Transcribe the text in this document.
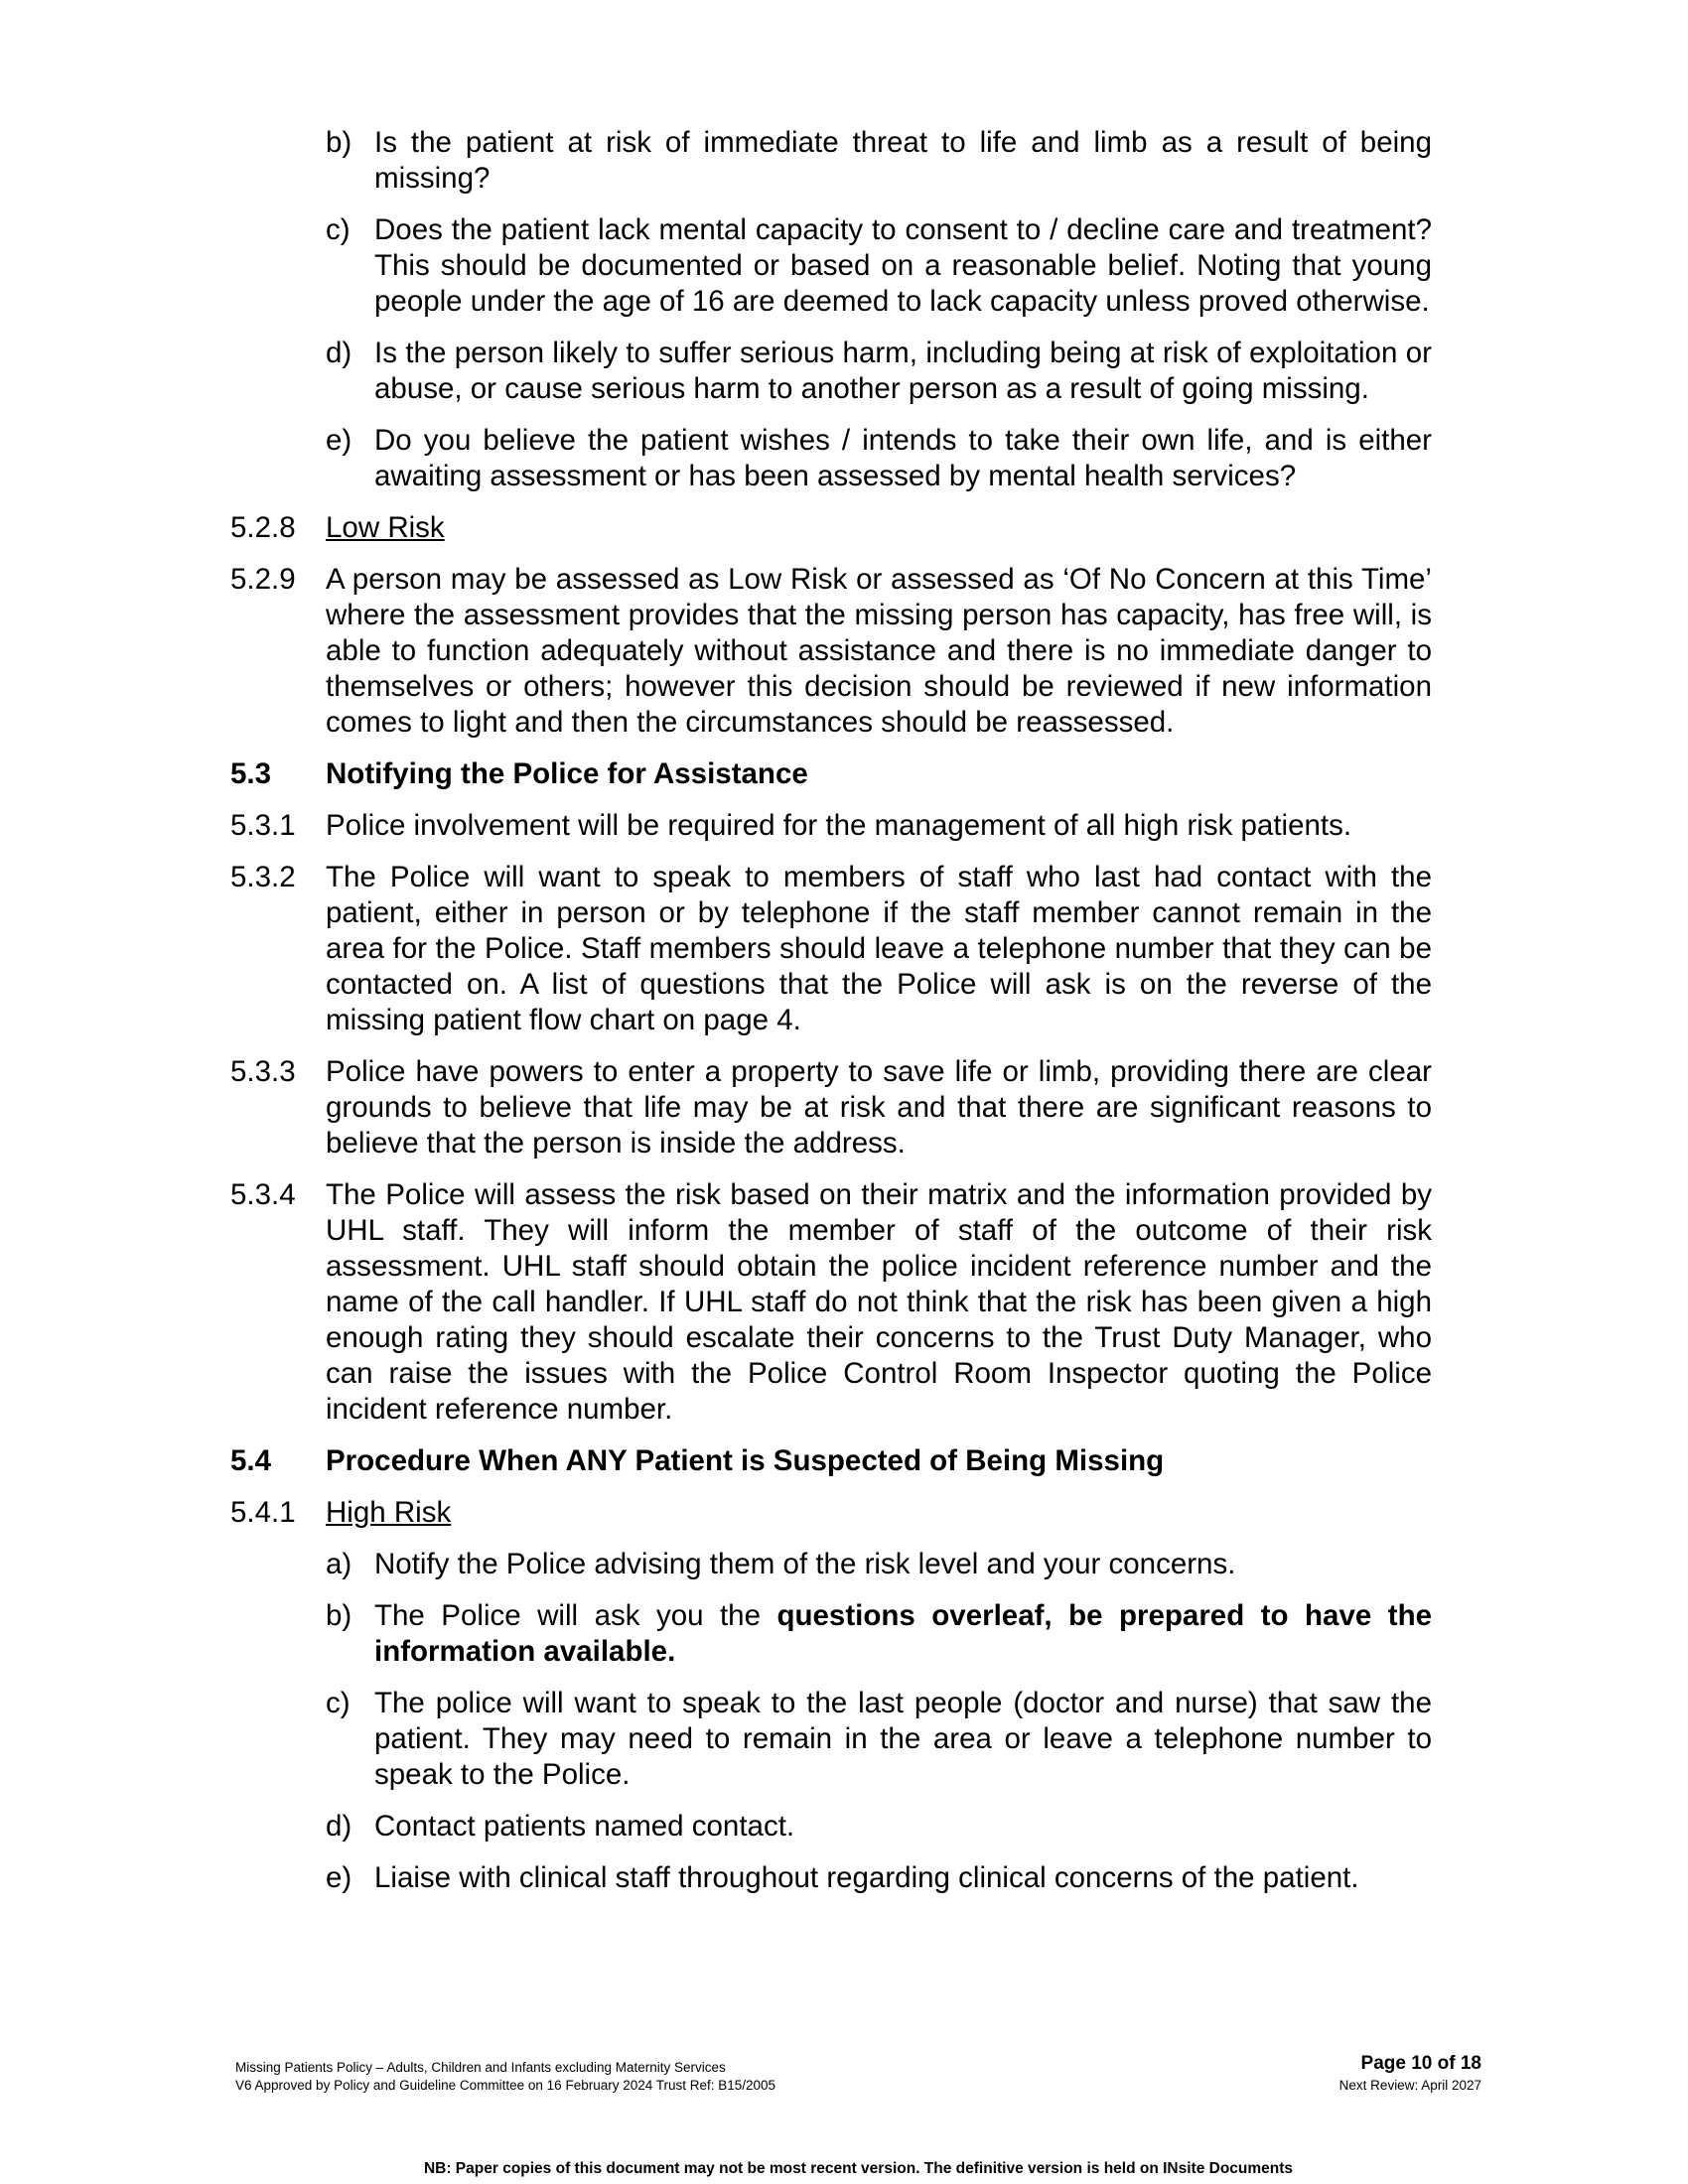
b) Is the patient at risk of immediate threat to life and limb as a result of being missing?

c) Does the patient lack mental capacity to consent to / decline care and treatment? This should be documented or based on a reasonable belief. Noting that young people under the age of 16 are deemed to lack capacity unless proved otherwise.

d) Is the person likely to suffer serious harm, including being at risk of exploitation or abuse, or cause serious harm to another person as a result of going missing.

e) Do you believe the patient wishes / intends to take their own life, and is either awaiting assessment or has been assessed by mental health services?

5.2.8 Low Risk

5.2.9 A person may be assessed as Low Risk or assessed as ‘Of No Concern at this Time’ where the assessment provides that the missing person has capacity, has free will, is able to function adequately without assistance and there is no immediate danger to themselves or others; however this decision should be reviewed if new information comes to light and then the circumstances should be reassessed.

5.3 Notifying the Police for Assistance

5.3.1 Police involvement will be required for the management of all high risk patients.

5.3.2 The Police will want to speak to members of staff who last had contact with the patient, either in person or by telephone if the staff member cannot remain in the area for the Police. Staff members should leave a telephone number that they can be contacted on. A list of questions that the Police will ask is on the reverse of the missing patient flow chart on page 4.

5.3.3 Police have powers to enter a property to save life or limb, providing there are clear grounds to believe that life may be at risk and that there are significant reasons to believe that the person is inside the address.

5.3.4 The Police will assess the risk based on their matrix and the information provided by UHL staff. They will inform the member of staff of the outcome of their risk assessment. UHL staff should obtain the police incident reference number and the name of the call handler. If UHL staff do not think that the risk has been given a high enough rating they should escalate their concerns to the Trust Duty Manager, who can raise the issues with the Police Control Room Inspector quoting the Police incident reference number.

5.4 Procedure When ANY Patient is Suspected of Being Missing

5.4.1 High Risk

a) Notify the Police advising them of the risk level and your concerns.

b) The Police will ask you the questions overleaf, be prepared to have the information available.

c) The police will want to speak to the last people (doctor and nurse) that saw the patient. They may need to remain in the area or leave a telephone number to speak to the Police.

d) Contact patients named contact.

e) Liaise with clinical staff throughout regarding clinical concerns of the patient.

Missing Patients Policy – Adults, Children and Infants excluding Maternity Services	Page 10 of 18
V6 Approved by Policy and Guideline Committee on 16 February 2024 Trust Ref: B15/2005	Next Review: April 2027
NB: Paper copies of this document may not be most recent version. The definitive version is held on INsite Documents
